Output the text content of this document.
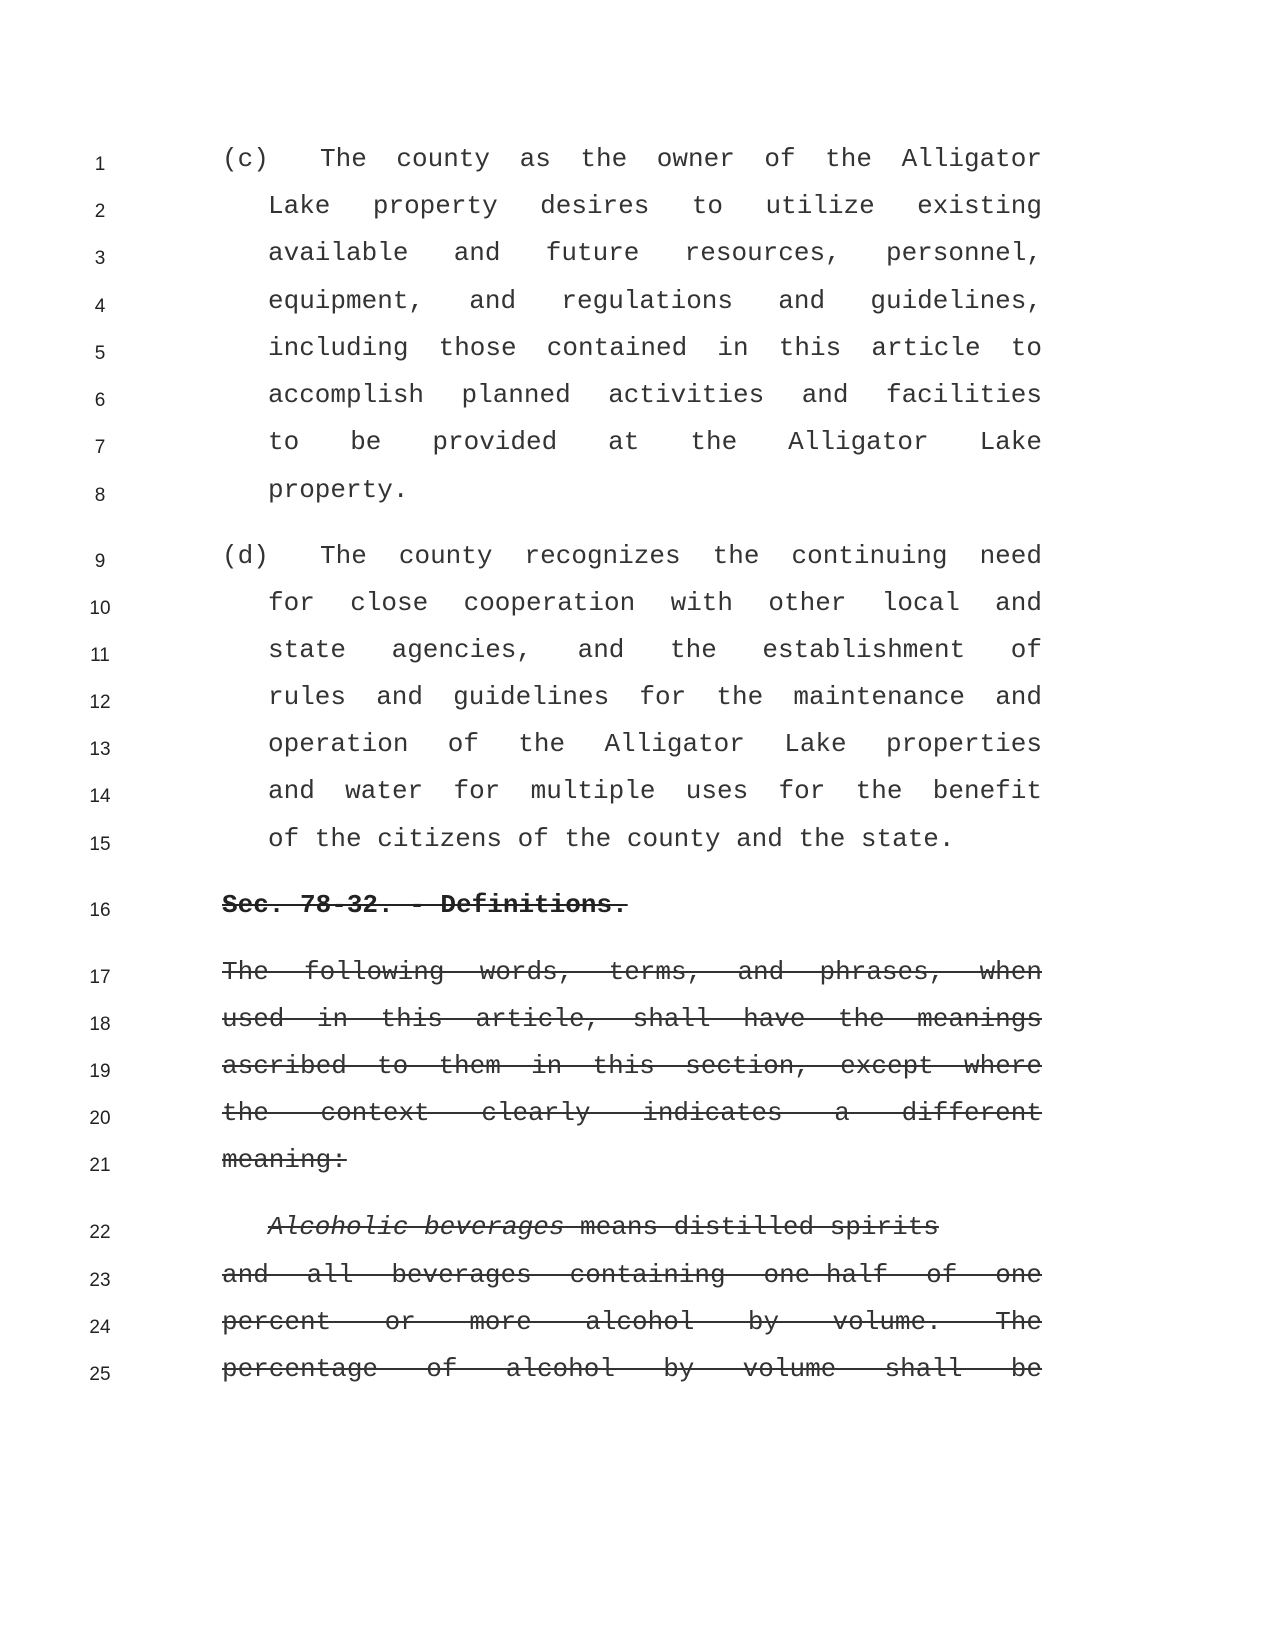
1
2
3
4
5
6
7
8
9
10
11
12
13
14
15
16
17
18
19
20
21
22
23
24
25
(c)	The county as the owner of the Alligator
Lake property desires to utilize existing
available and future resources, personnel,
equipment, and regulations and guidelines,
including those contained in this article to
accomplish planned activities and facilities
to be provided at the Alligator Lake
property.
(d)	The county recognizes the continuing need
for close cooperation with other local and
state agencies, and the establishment of
rules and guidelines for the maintenance and
operation of the Alligator Lake properties
and water for multiple uses for the benefit
of the citizens of the county and the state.
Sec. 78-32. - Definitions.
The following words, terms, and phrases, when
used in this article, shall have the meanings
ascribed to them in this section, except where
the context clearly indicates a different
meaning:
Alcoholic beverages means distilled spirits
and all beverages containing one-half of one
percent or more alcohol by volume. The
percentage of alcohol by volume shall be
